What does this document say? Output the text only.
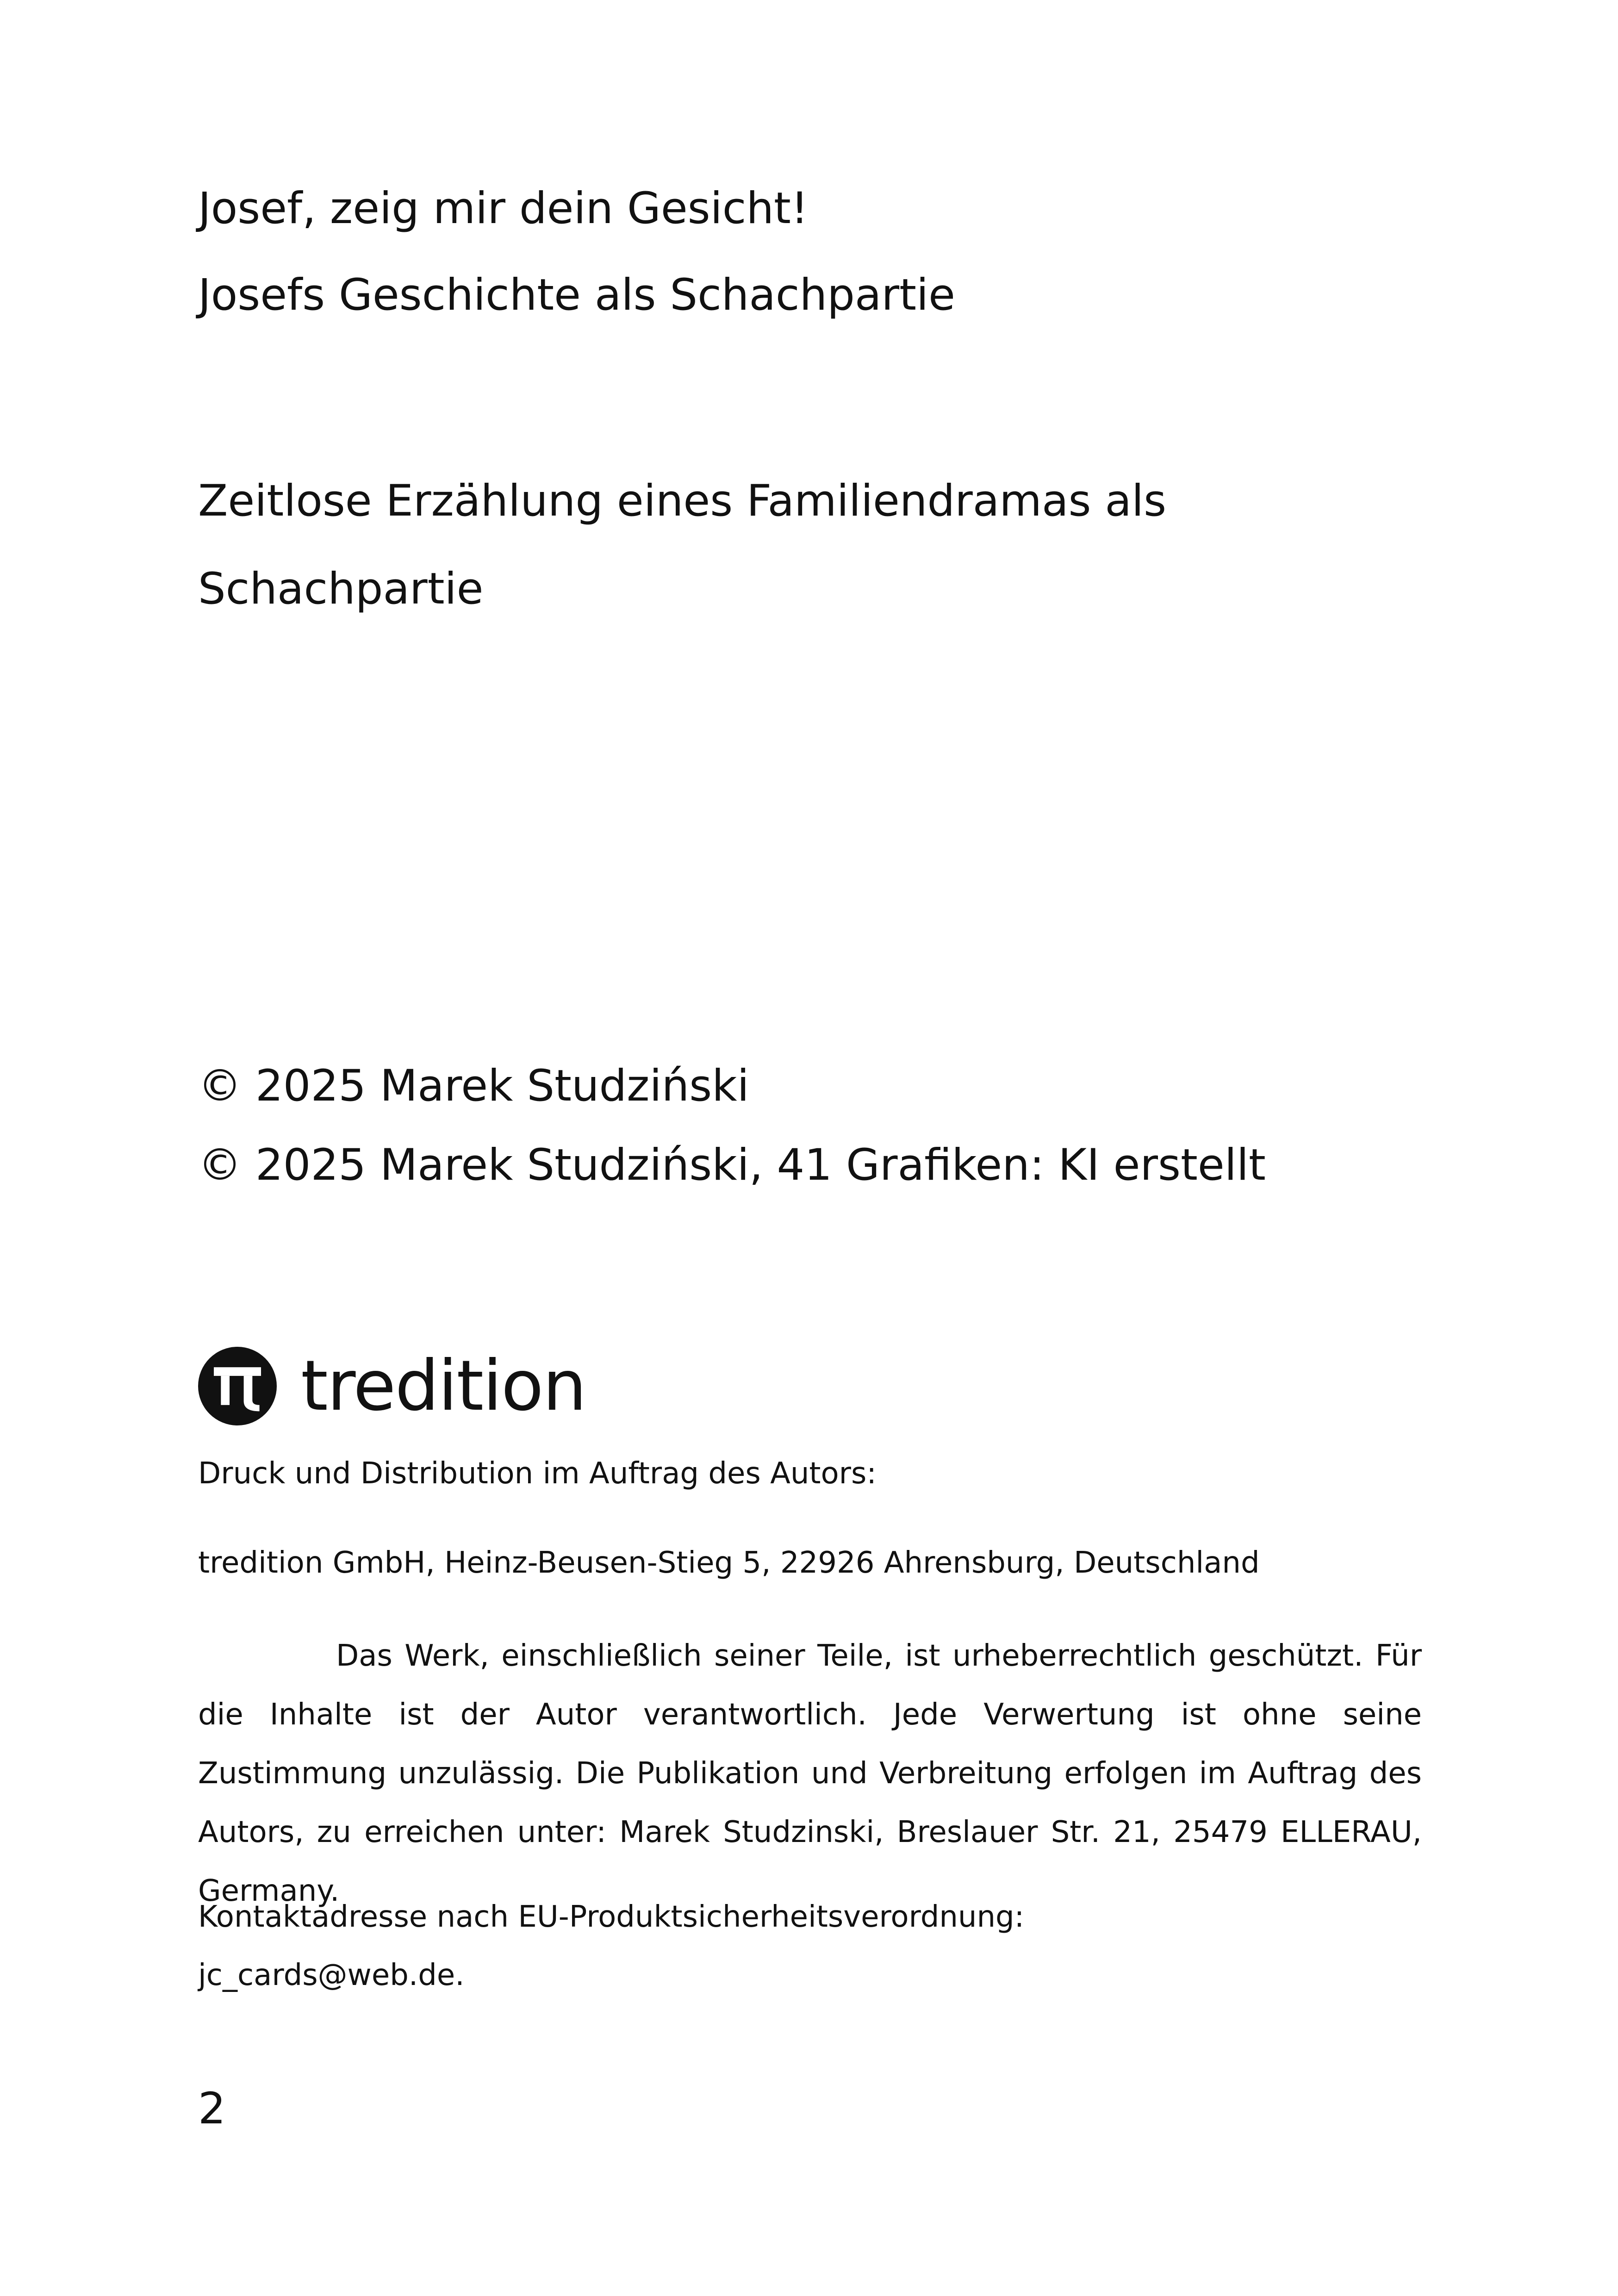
Josef, zeig mir dein Gesicht!
Josefs Geschichte als Schachpartie
Zeitlose Erzählung eines Familiendramas als
Schachpartie
© 2025 Marek Studziński
© 2025 Marek Studziński, 41 Grafiken: KI erstellt
tredition
Druck und Distribution im Auftrag des Autors:
tredition GmbH, Heinz-Beusen-Stieg 5, 22926 Ahrensburg, Deutschland
Das Werk, einschließlich seiner Teile, ist urheberrechtlich geschützt. Für die Inhalte ist der Autor verantwortlich. Jede Verwertung ist ohne seine Zustimmung unzulässig. Die Publikation und Verbreitung erfolgen im Auftrag des Autors, zu erreichen unter: Marek Studzinski, Breslauer Str. 21, 25479 ELLERAU, Germany.
Kontaktadresse nach EU-Produktsicherheitsverordnung:
jc_cards@web.de.
2
